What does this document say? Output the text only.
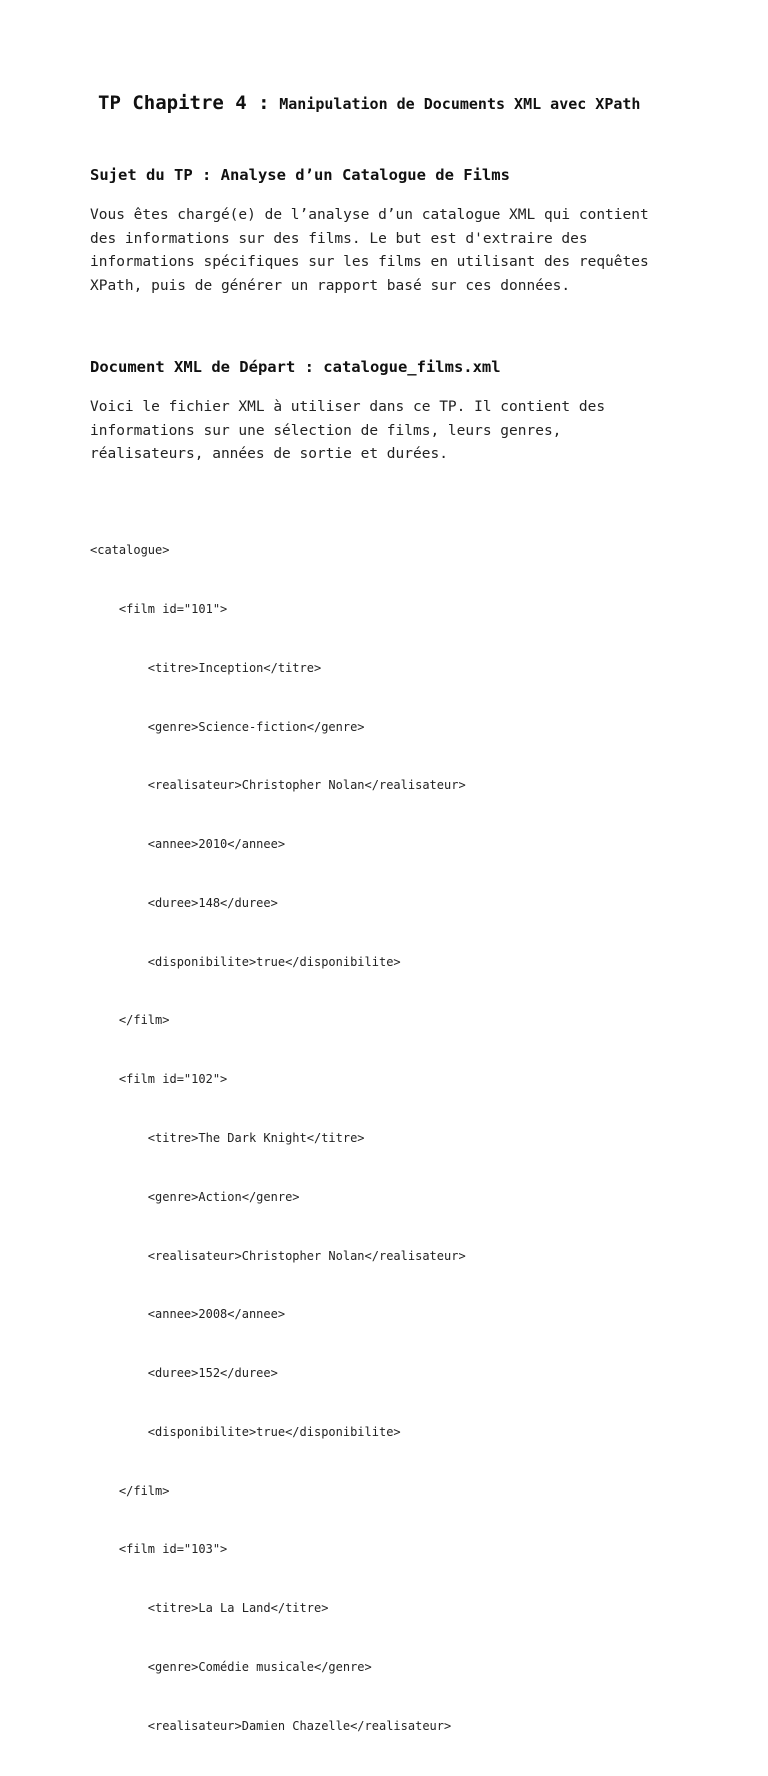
TP Chapitre 4 : Manipulation de Documents XML avec XPath
Sujet du TP : Analyse d’un Catalogue de Films
Vous êtes chargé(e) de l’analyse d’un catalogue XML qui contient
des informations sur des films. Le but est d'extraire des
informations spécifiques sur les films en utilisant des requêtes
XPath, puis de générer un rapport basé sur ces données.
Document XML de Départ : catalogue_films.xml
Voici le fichier XML à utiliser dans ce TP. Il contient des
informations sur une sélection de films, leurs genres,
réalisateurs, années de sortie et durées.

<catalogue>

<film id="101">

<titre>Inception</titre>

<genre>Science-fiction</genre>

<realisateur>Christopher Nolan</realisateur>

<annee>2010</annee>

<duree>148</duree>

<disponibilite>true</disponibilite>

</film>

<film id="102">

<titre>The Dark Knight</titre>

<genre>Action</genre>

<realisateur>Christopher Nolan</realisateur>

<annee>2008</annee>

<duree>152</duree>

<disponibilite>true</disponibilite>

</film>

<film id="103">

<titre>La La Land</titre>

<genre>Comédie musicale</genre>

<realisateur>Damien Chazelle</realisateur>
